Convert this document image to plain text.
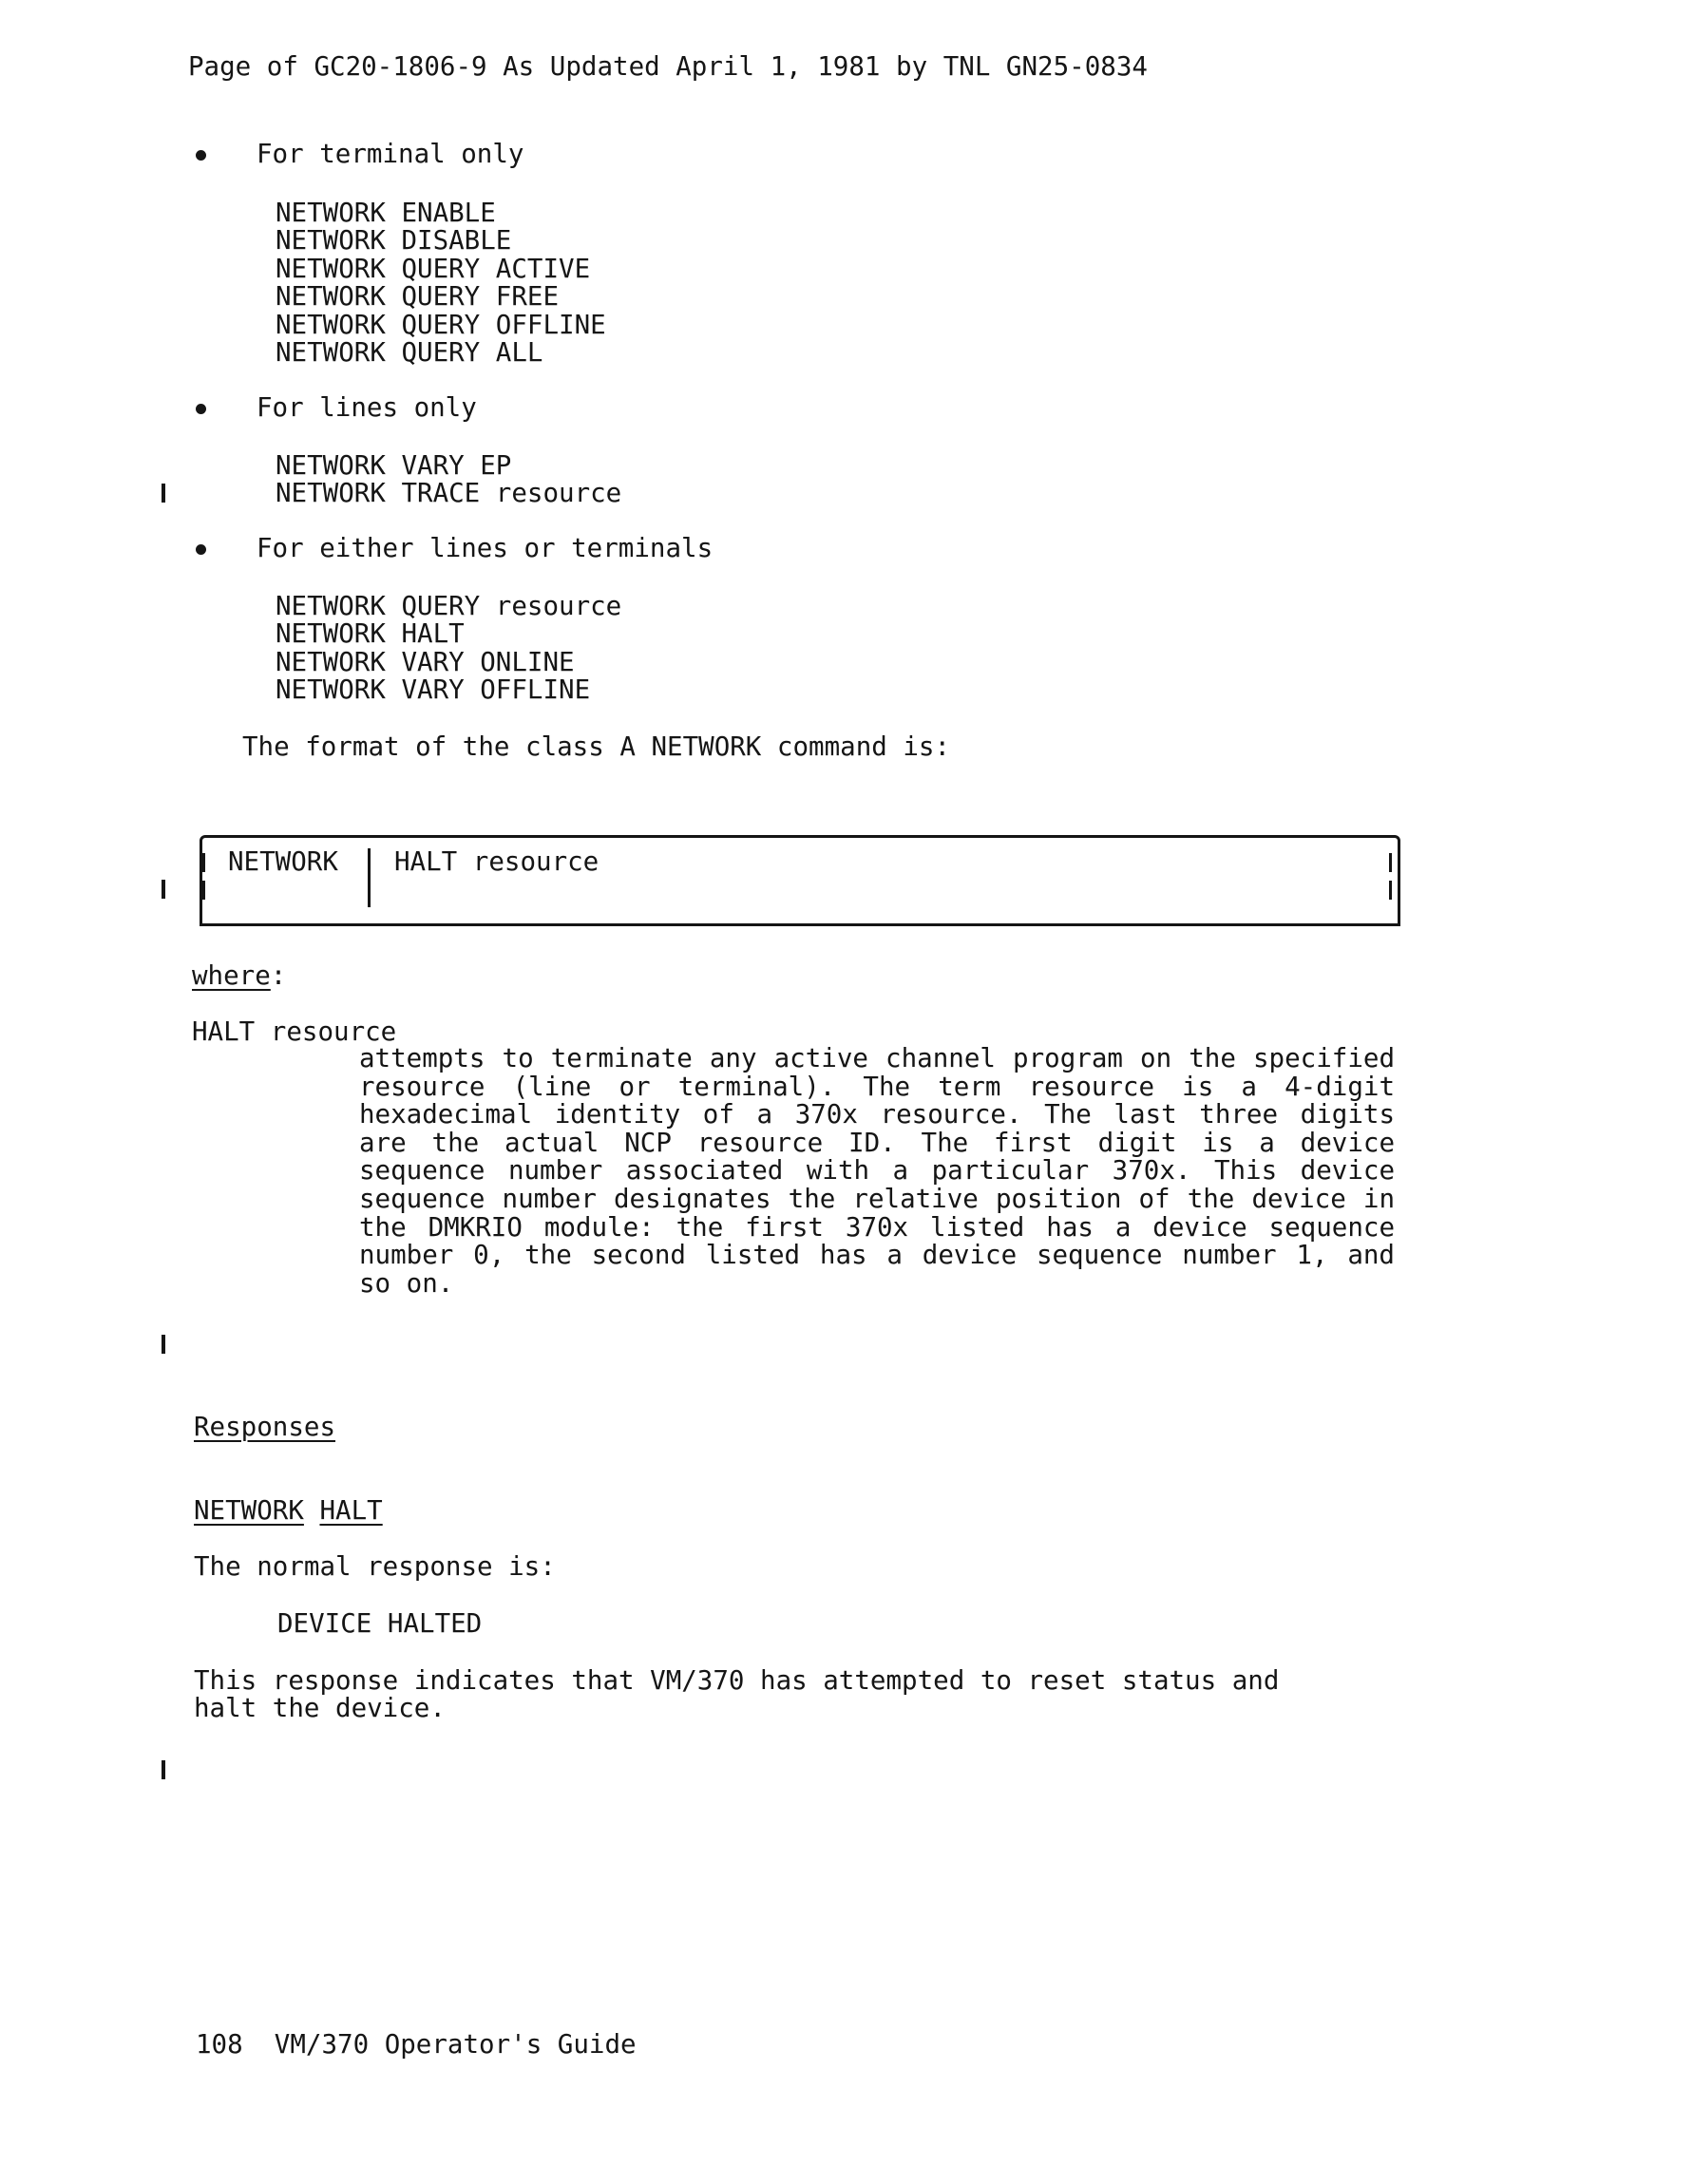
Page of GC20-1806-9 As Updated April 1, 1981 by TNL GN25-0834
For terminal only
NETWORK ENABLE
NETWORK DISABLE
NETWORK QUERY ACTIVE
NETWORK QUERY FREE
NETWORK QUERY OFFLINE
NETWORK QUERY ALL
For lines only
NETWORK VARY EP
NETWORK TRACE resource
For either lines or terminals
NETWORK QUERY resource
NETWORK HALT
NETWORK VARY ONLINE
NETWORK VARY OFFLINE
The format of the class A NETWORK command is:
NETWORK HALT resource
where:
HALT resource
attempts to terminate any active channel program on the specified resource (line or terminal). The term resource is a 4-digit hexadecimal identity of a 370x resource. The last three digits are the actual NCP resource ID. The first digit is a device sequence number associated with a particular 370x. This device sequence number designates the relative position of the device in the DMKRIO module: the first 370x listed has a device sequence number 0, the second listed has a device sequence number 1, and so on.
Responses
NETWORK HALT
The normal response is:
DEVICE HALTED
This response indicates that VM/370 has attempted to reset status and
halt the device.
108 VM/370 Operator's Guide
